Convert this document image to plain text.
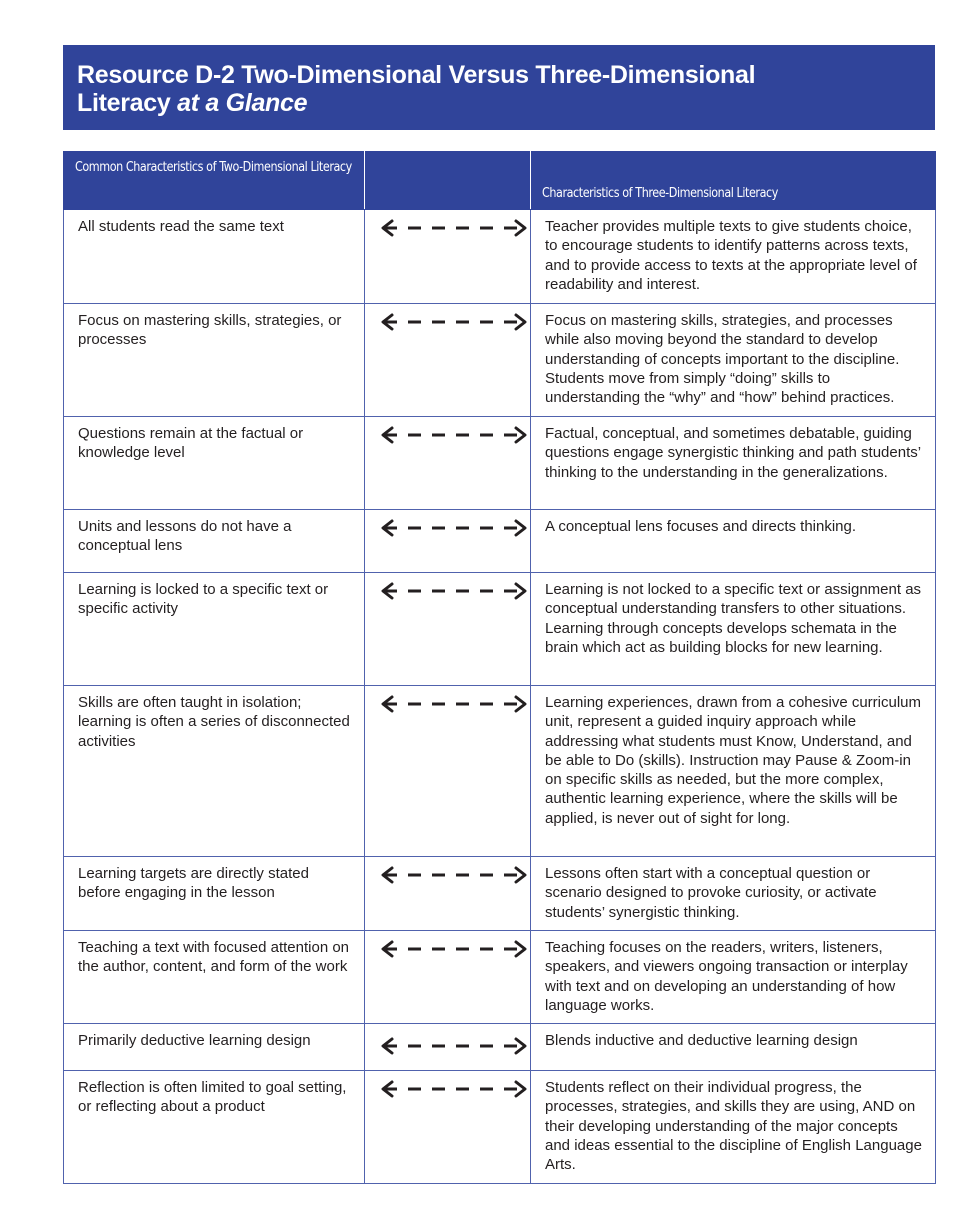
Resource D-2 Two-Dimensional Versus Three-Dimensional

Literacy at a Glance

Common Characteristics of Two-Dimensional Literacy		Characteristics of Three-Dimensional Literacy
All students read the same text		Teacher provides multiple texts to give students choice, to encourage students to identify patterns across texts, and to provide access to texts at the appropriate level of readability and interest.
Focus on mastering skills, strategies, or processes		Focus on mastering skills, strategies, and processes while also moving beyond the standard to develop understanding of concepts important to the discipline. Students move from simply “doing” skills to understanding the “why” and “how” behind practices.
Questions remain at the factual or knowledge level		Factual, conceptual, and sometimes debatable, guiding questions engage synergistic thinking and path students’ thinking to the understanding in the generalizations.
Units and lessons do not have a conceptual lens		A conceptual lens focuses and directs thinking.
Learning is locked to a specific text or specific activity		Learning is not locked to a specific text or assignment as conceptual understanding transfers to other situations. Learning through concepts develops schemata in the brain which act as building blocks for new learning.
Skills are often taught in isolation; learning is often a series of disconnected activities		Learning experiences, drawn from a cohesive curriculum unit, represent a guided inquiry approach while addressing what students must Know, Understand, and be able to Do (skills). Instruction may Pause & Zoom-in on specific skills as needed, but the more complex, authentic learning experience, where the skills will be applied, is never out of sight for long.
Learning targets are directly stated before engaging in the lesson		Lessons often start with a conceptual question or scenario designed to provoke curiosity, or activate students’ synergistic thinking.
Teaching a text with focused attention on the author, content, and form of the work		Teaching focuses on the readers, writers, listeners, speakers, and viewers ongoing transaction or interplay with text and on developing an understanding of how language works.
Primarily deductive learning design		Blends inductive and deductive learning design
Reflection is often limited to goal setting, or reflecting about a product		Students reflect on their individual progress, the processes, strategies, and skills they are using, AND on their developing understanding of the major concepts and ideas essential to the discipline of English Language Arts.
